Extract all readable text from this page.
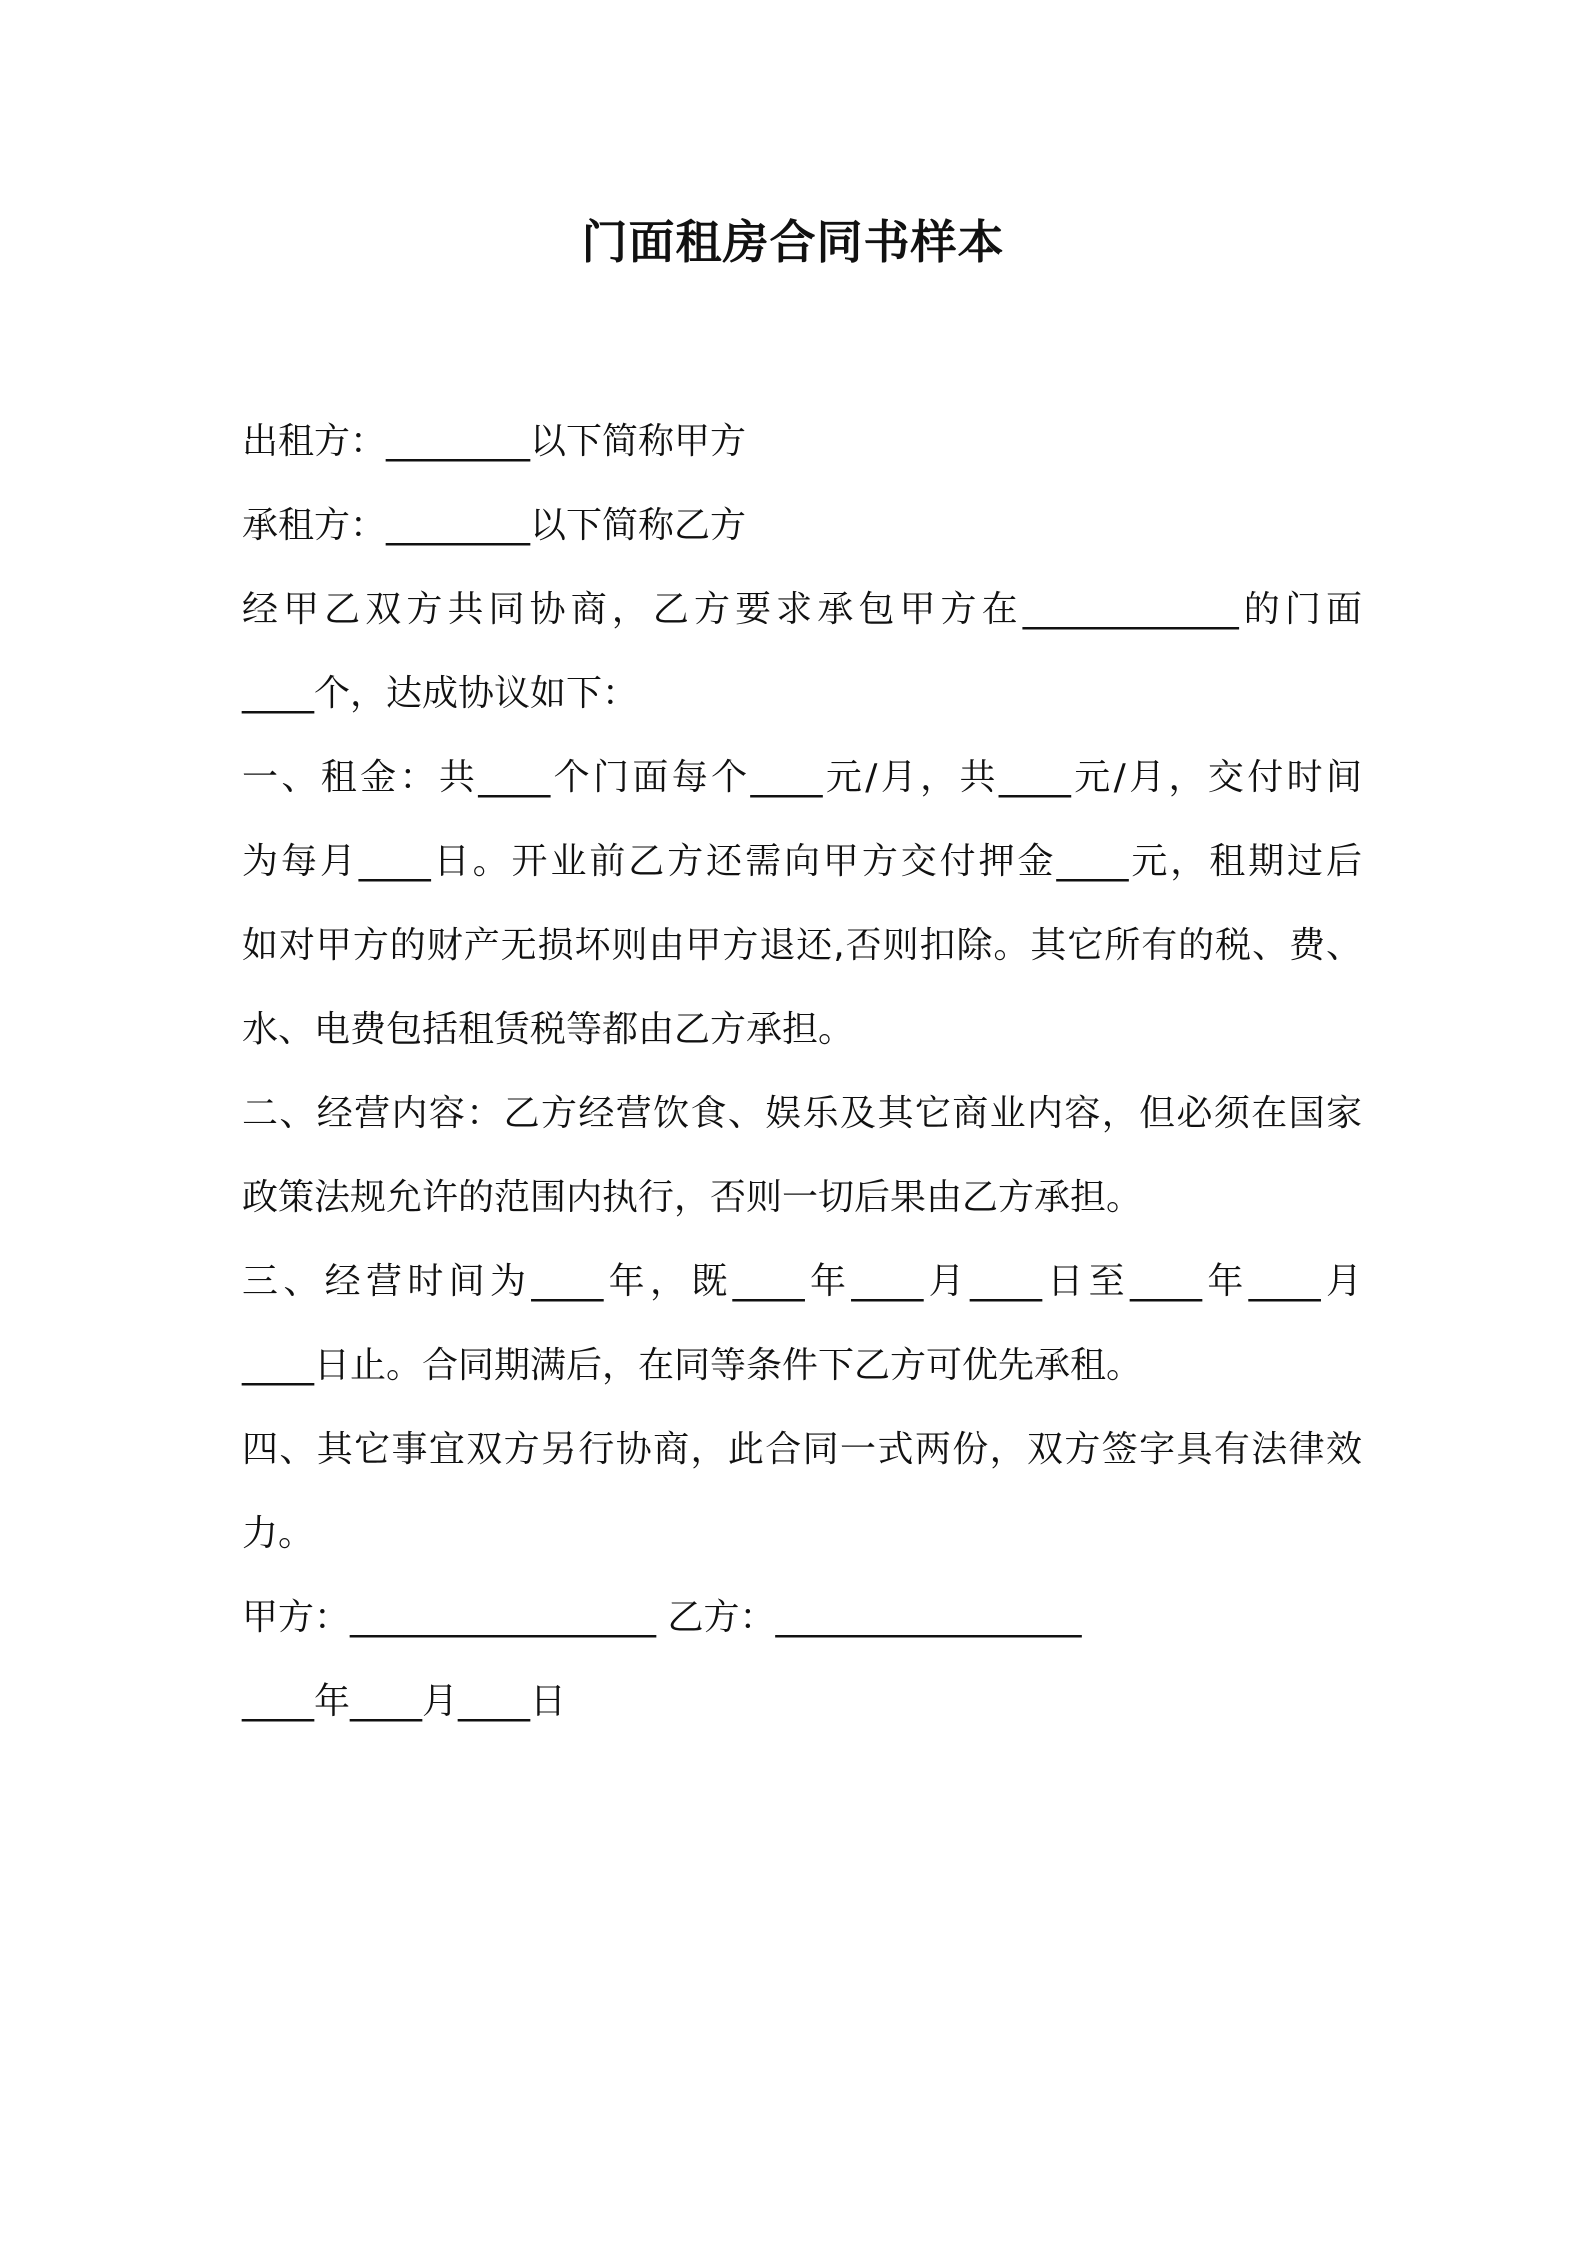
门面租房合同书样本
出租方：________以下简称甲方
承租方：________以下简称乙方
经甲乙双方共同协商，乙方要求承包甲方在____________的门面
____个，达成协议如下：
一、租金：共____个门面每个____元/月，共____元/月，交付时间
为每月____日。开业前乙方还需向甲方交付押金____元，租期过后
如对甲方的财产无损坏则由甲方退还,否则扣除。其它所有的税、费、
水、电费包括租赁税等都由乙方承担。
二、经营内容：乙方经营饮食、娱乐及其它商业内容，但必须在国家
政策法规允许的范围内执行，否则一切后果由乙方承担。
三、经营时间为____年，既____年____月____日至____年____月
____日止。合同期满后，在同等条件下乙方可优先承租。
四、其它事宜双方另行协商，此合同一式两份，双方签字具有法律效
力。
甲方：_________________ 乙方：_________________
____年____月____日
